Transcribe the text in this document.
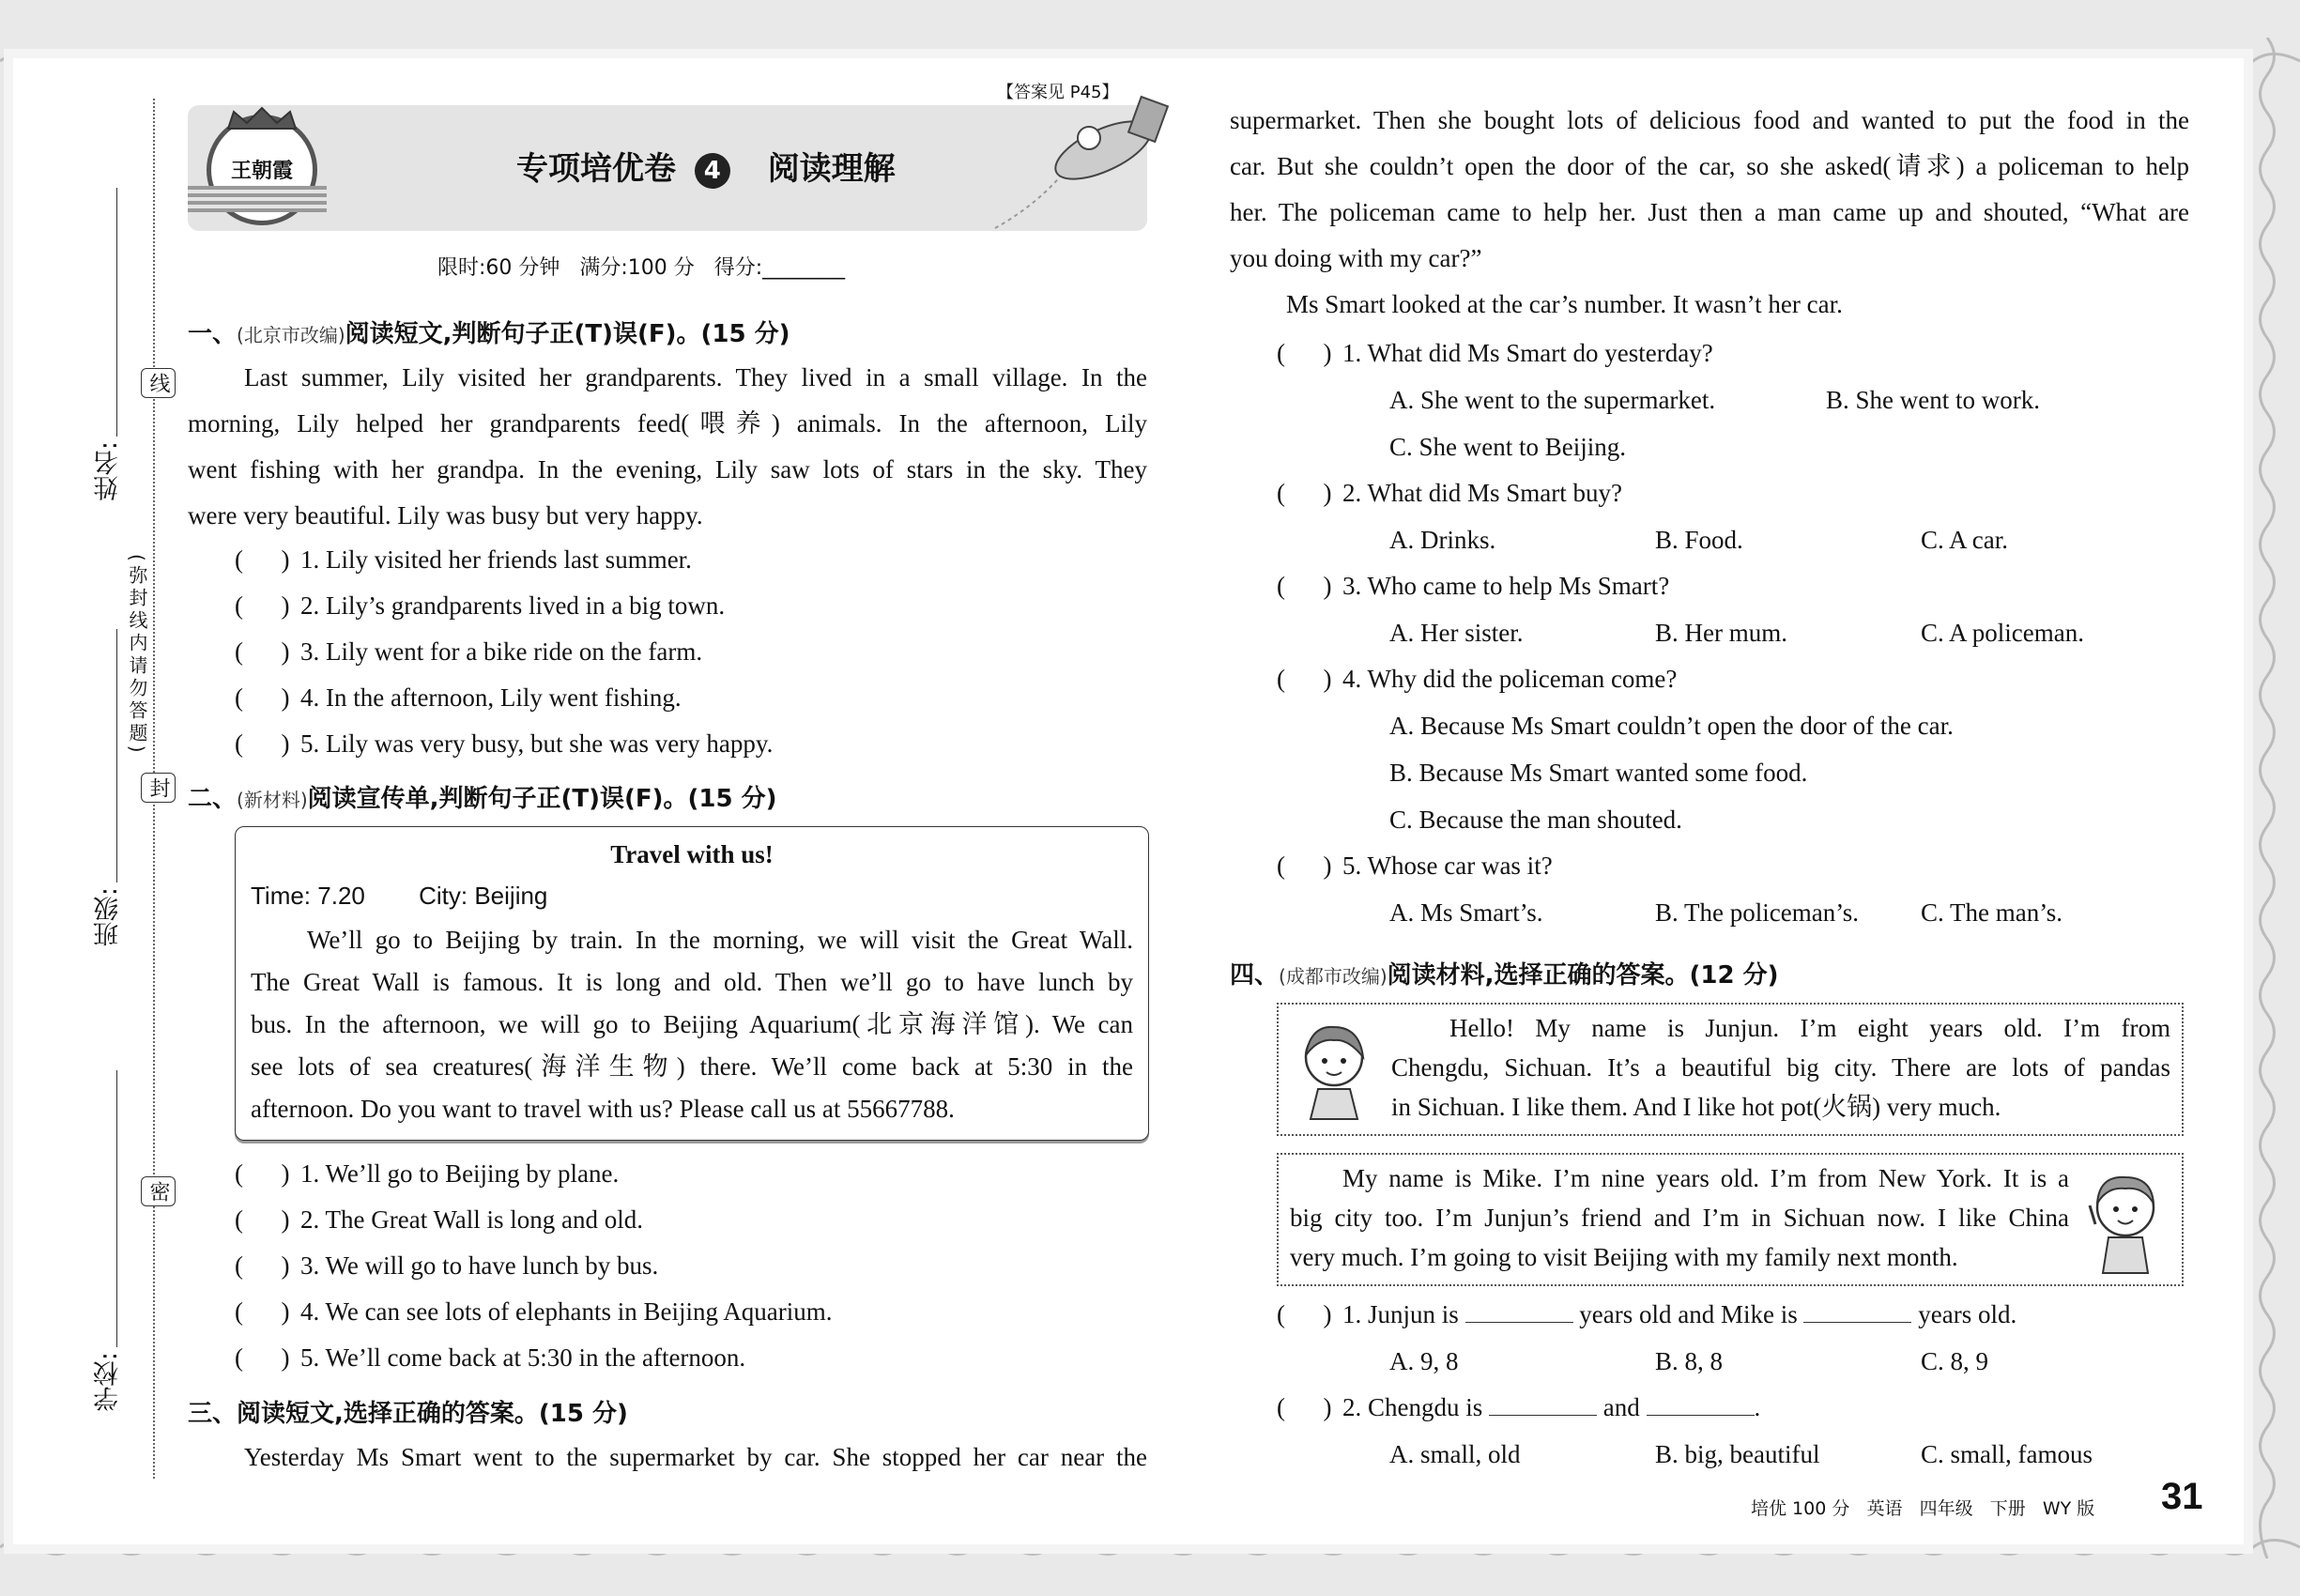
姓名:
班级:
学校:
线
封
密
(弥封线内请勿答题)
王朝霞
【答案见 P45】
专项培优卷 4 阅读理解
限时:60 分钟   满分:100 分   得分:________
一、(北京市改编)阅读短文,判断句子正(T)误(F)。(15 分)
Last summer, Lily visited her grandparents. They lived in a small village. In the
morning, Lily helped her grandparents feed(喂养) animals. In the afternoon, Lily
went fishing with her grandpa. In the evening, Lily saw lots of stars in the sky. They
were very beautiful. Lily was busy but very happy.
(      ) 1. Lily visited her friends last summer.
(      ) 2. Lily’s grandparents lived in a big town.
(      ) 3. Lily went for a bike ride on the farm.
(      ) 4. In the afternoon, Lily went fishing.
(      ) 5. Lily was very busy, but she was very happy.
二、(新材料)阅读宣传单,判断句子正(T)误(F)。(15 分)
Travel with us!
Time: 7.20 City: Beijing
We’ll go to Beijing by train. In the morning, we will visit the Great Wall.
The Great Wall is famous. It is long and old. Then we’ll go to have lunch by
bus. In the afternoon, we will go to Beijing Aquarium(北京海洋馆). We can
see lots of sea creatures(海洋生物) there. We’ll come back at 5:30 in the
afternoon. Do you want to travel with us? Please call us at 55667788.
(      ) 1. We’ll go to Beijing by plane.
(      ) 2. The Great Wall is long and old.
(      ) 3. We will go to have lunch by bus.
(      ) 4. We can see lots of elephants in Beijing Aquarium.
(      ) 5. We’ll come back at 5:30 in the afternoon.
三、阅读短文,选择正确的答案。(15 分)
Yesterday Ms Smart went to the supermarket by car. She stopped her car near the
supermarket. Then she bought lots of delicious food and wanted to put the food in the
car. But she couldn’t open the door of the car, so she asked(请求) a policeman to help
her. The policeman came to help her. Just then a man came up and shouted, “What are
you doing with my car?”
Ms Smart looked at the car’s number. It wasn’t her car.
(      ) 1. What did Ms Smart do yesterday?
A. She went to the supermarket.	B. She went to work.
C. She went to Beijing.
(      ) 2. What did Ms Smart buy?
A. Drinks.	B. Food.	C. A car.
(      ) 3. Who came to help Ms Smart?
A. Her sister.	B. Her mum.	C. A policeman.
(      ) 4. Why did the policeman come?
A. Because Ms Smart couldn’t open the door of the car.
B. Because Ms Smart wanted some food.
C. Because the man shouted.
(      ) 5. Whose car was it?
A. Ms Smart’s.	B. The policeman’s. C. The man’s.
四、(成都市改编)阅读材料,选择正确的答案。(12 分)
Hello! My name is Junjun. I’m eight years old. I’m from
Chengdu, Sichuan. It’s a beautiful big city. There are lots of pandas
in Sichuan. I like them. And I like hot pot(火锅) very much.
My name is Mike. I’m nine years old. I’m from New York. It is a
big city too. I’m Junjun’s friend and I’m in Sichuan now. I like China
very much. I’m going to visit Beijing with my family next month.
(      ) 1. Junjun is	years old and Mike is	years old.
A. 9, 8	B. 8, 8	C. 8, 9
(      ) 2. Chengdu is	and	.
A. small, old	B. big, beautiful	C. small, famous
培优 100 分   英语   四年级   下册   WY 版 31
